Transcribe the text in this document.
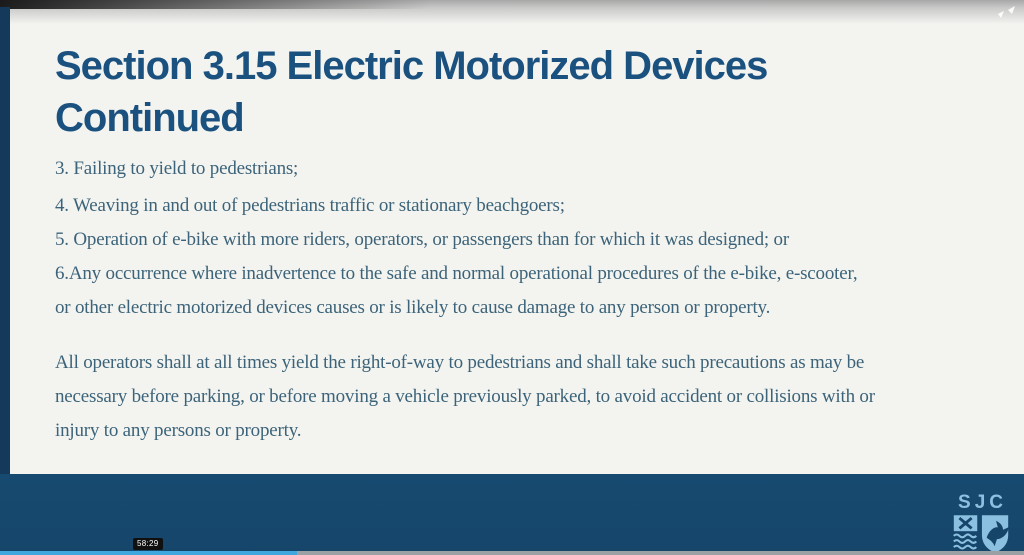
Section 3.15 Electric Motorized Devices
Continued
3. Failing to yield to pedestrians;
4. Weaving in and out of pedestrians traffic or stationary beachgoers;
5. Operation of e-bike with more riders, operators, or passengers than for which it was designed; or
6.Any occurrence where inadvertence to the safe and normal operational procedures of the e-bike, e-scooter,
or other electric motorized devices causes or is likely to cause damage to any person or property.
All operators shall at all times yield the right-of-way to pedestrians and shall take such precautions as may be
necessary before parking, or before moving a vehicle previously parked, to avoid accident or collisions with or
injury to any persons or property.
SJC
58:29
